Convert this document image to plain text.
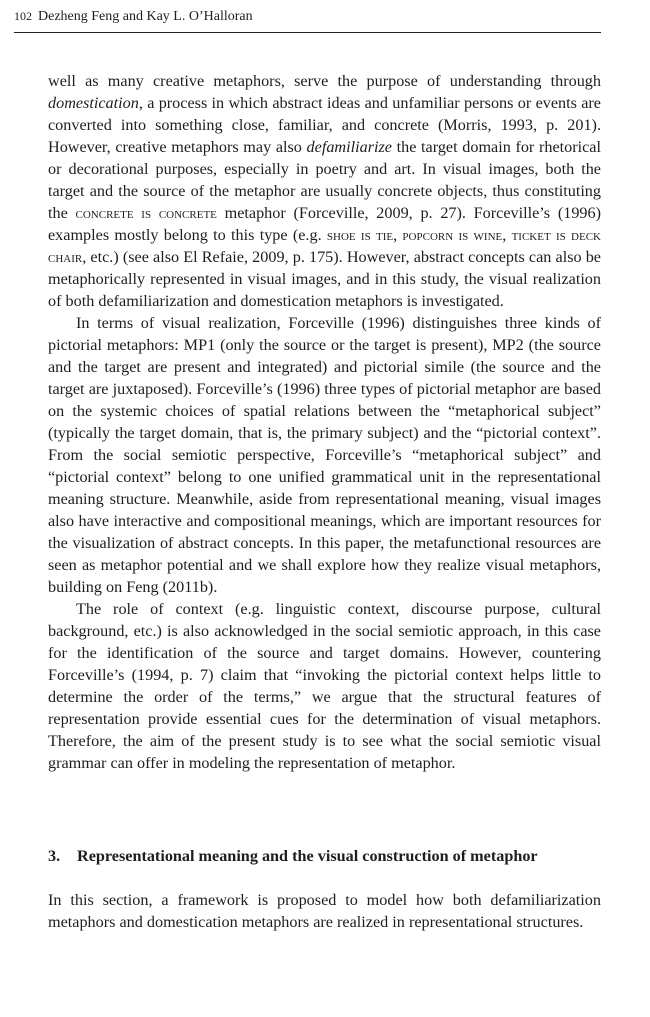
102 Dezheng Feng and Kay L. O’Halloran

well as many creative metaphors, serve the purpose of understanding through domestication, a process in which abstract ideas and unfamiliar persons or events are converted into something close, familiar, and concrete (Morris, 1993, p. 201). However, creative metaphors may also defamiliarize the target domain for rhetorical or decorational purposes, especially in poetry and art. In visual images, both the target and the source of the metaphor are usually concrete objects, thus constituting the concrete is concrete metaphor (Forceville, 2009, p. 27). Forceville’s (1996) examples mostly belong to this type (e.g. shoe is tie, popcorn is wine, ticket is deck chair, etc.) (see also El Refaie, 2009, p. 175). However, abstract concepts can also be metaphorically represented in visual images, and in this study, the visual realization of both defamiliarization and domestication metaphors is investigated.

In terms of visual realization, Forceville (1996) distinguishes three kinds of pictorial metaphors: MP1 (only the source or the target is present), MP2 (the source and the target are present and integrated) and pictorial simile (the source and the target are juxtaposed). Forceville’s (1996) three types of pictorial metaphor are based on the systemic choices of spatial relations between the “metaphorical subject” (typically the target domain, that is, the primary subject) and the “pictorial context”. From the social semiotic perspective, Forceville’s “metaphorical subject” and “pictorial context” belong to one unified grammatical unit in the representational meaning structure. Meanwhile, aside from representational meaning, visual images also have interactive and compositional meanings, which are important resources for the visualization of abstract concepts. In this paper, the metafunctional resources are seen as metaphor potential and we shall explore how they realize visual metaphors, building on Feng (2011b).

The role of context (e.g. linguistic context, discourse purpose, cultural background, etc.) is also acknowledged in the social semiotic approach, in this case for the identification of the source and target domains. However, countering Forceville’s (1994, p. 7) claim that “invoking the pictorial context helps little to determine the order of the terms,” we argue that the structural features of representation provide essential cues for the determination of visual metaphors. Therefore, the aim of the present study is to see what the social semiotic visual grammar can offer in modeling the representation of metaphor.

3. Representational meaning and the visual construction of metaphor

In this section, a framework is proposed to model how both defamiliarization metaphors and domestication metaphors are realized in representational structures.
